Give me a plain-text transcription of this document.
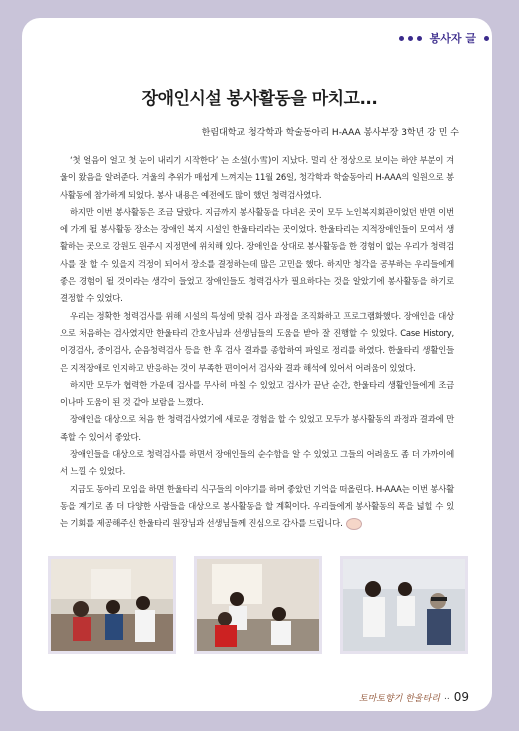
봉사자 글
장애인시설 봉사활동을 마치고...
한림대학교 청각학과 학술동아리 H-AAA 봉사부장 3학년 강 민 수

‘첫 얼음이 얼고 첫 눈이 내리기 시작한다’ 는 소설(小雪)이 지났다. 멀리 산 정상으로 보이는 하얀 부분이 겨울이 왔음을 알려준다. 겨울의 추위가 매섭게 느껴지는 11월 26일, 청각학과 학술동아리 H-AAA의 일원으로 봉사활동에 참가하게 되었다. 봉사 내용은 예전에도 많이 했던 청력검사였다.

하지만 이번 봉사활동은 조금 달랐다. 지금까지 봉사활동을 다녀온 곳이 모두 노인복지회관이었던 반면 이번에 가게 될 봉사활동 장소는 장애인 복지 시설인 한울타리라는 곳이었다. 한울타리는 지적장애인들이 모여서 생활하는 곳으로 강원도 원주시 지정면에 위치해 있다. 장애인을 상대로 봉사활동을 한 경험이 없는 우리가 청력검사를 잘 할 수 있을지 걱정이 되어서 장소를 결정하는데 많은 고민을 했다. 하지만 청각을 공부하는 우리들에게 좋은 경험이 될 것이라는 생각이 들었고 장애인들도 청력검사가 필요하다는 것을 알았기에 봉사활동을 하기로 결정할 수 있었다.

우리는 정확한 청력검사를 위해 시설의 특성에 맞춰 검사 과정을 조직화하고 프로그램화했다. 장애인을 대상으로 처음하는 검사였지만 한울타리 간호사님과 선생님들의 도움을 받아 잘 진행할 수 있었다. Case History, 이경검사, 중이검사, 순음청력검사 등을 한 후 검사 결과를 종합하여 파일로 정리를 하였다. 한울타리 생활인들은 지적장애로 인지하고 반응하는 것이 부족한 편이어서 검사와 결과 해석에 있어서 어려움이 있었다.

하지만 모두가 협력한 가운데 검사를 무사히 마칠 수 있었고 검사가 끝난 순간, 한울타리 생활인들에게 조금이나마 도움이 된 것 같아 보람을 느꼈다.

장애인을 대상으로 처음 한 청력검사였기에 새로운 경험을 할 수 있었고 모두가 봉사활동의 과정과 결과에 만족할 수 있어서 좋았다.

장애인들을 대상으로 청력검사를 하면서 장애인들의 순수함을 알 수 있었고 그들의 어려움도 좀 더 가까이에서 느낄 수 있었다.

지금도 동아리 모임을 하면 한울타리 식구들의 이야기를 하며 좋았던 기억을 떠올린다. H-AAA는 이번 봉사활동을 계기로 좀 더 다양한 사람들을 대상으로 봉사활동을 할 계획이다. 우리들에게 봉사활동의 폭을 넓힐 수 있는 기회를 제공해주신 한울타리 원장님과 선생님들께 진심으로 감사를 드립니다.

토마토향기 한울타리 .. 09
